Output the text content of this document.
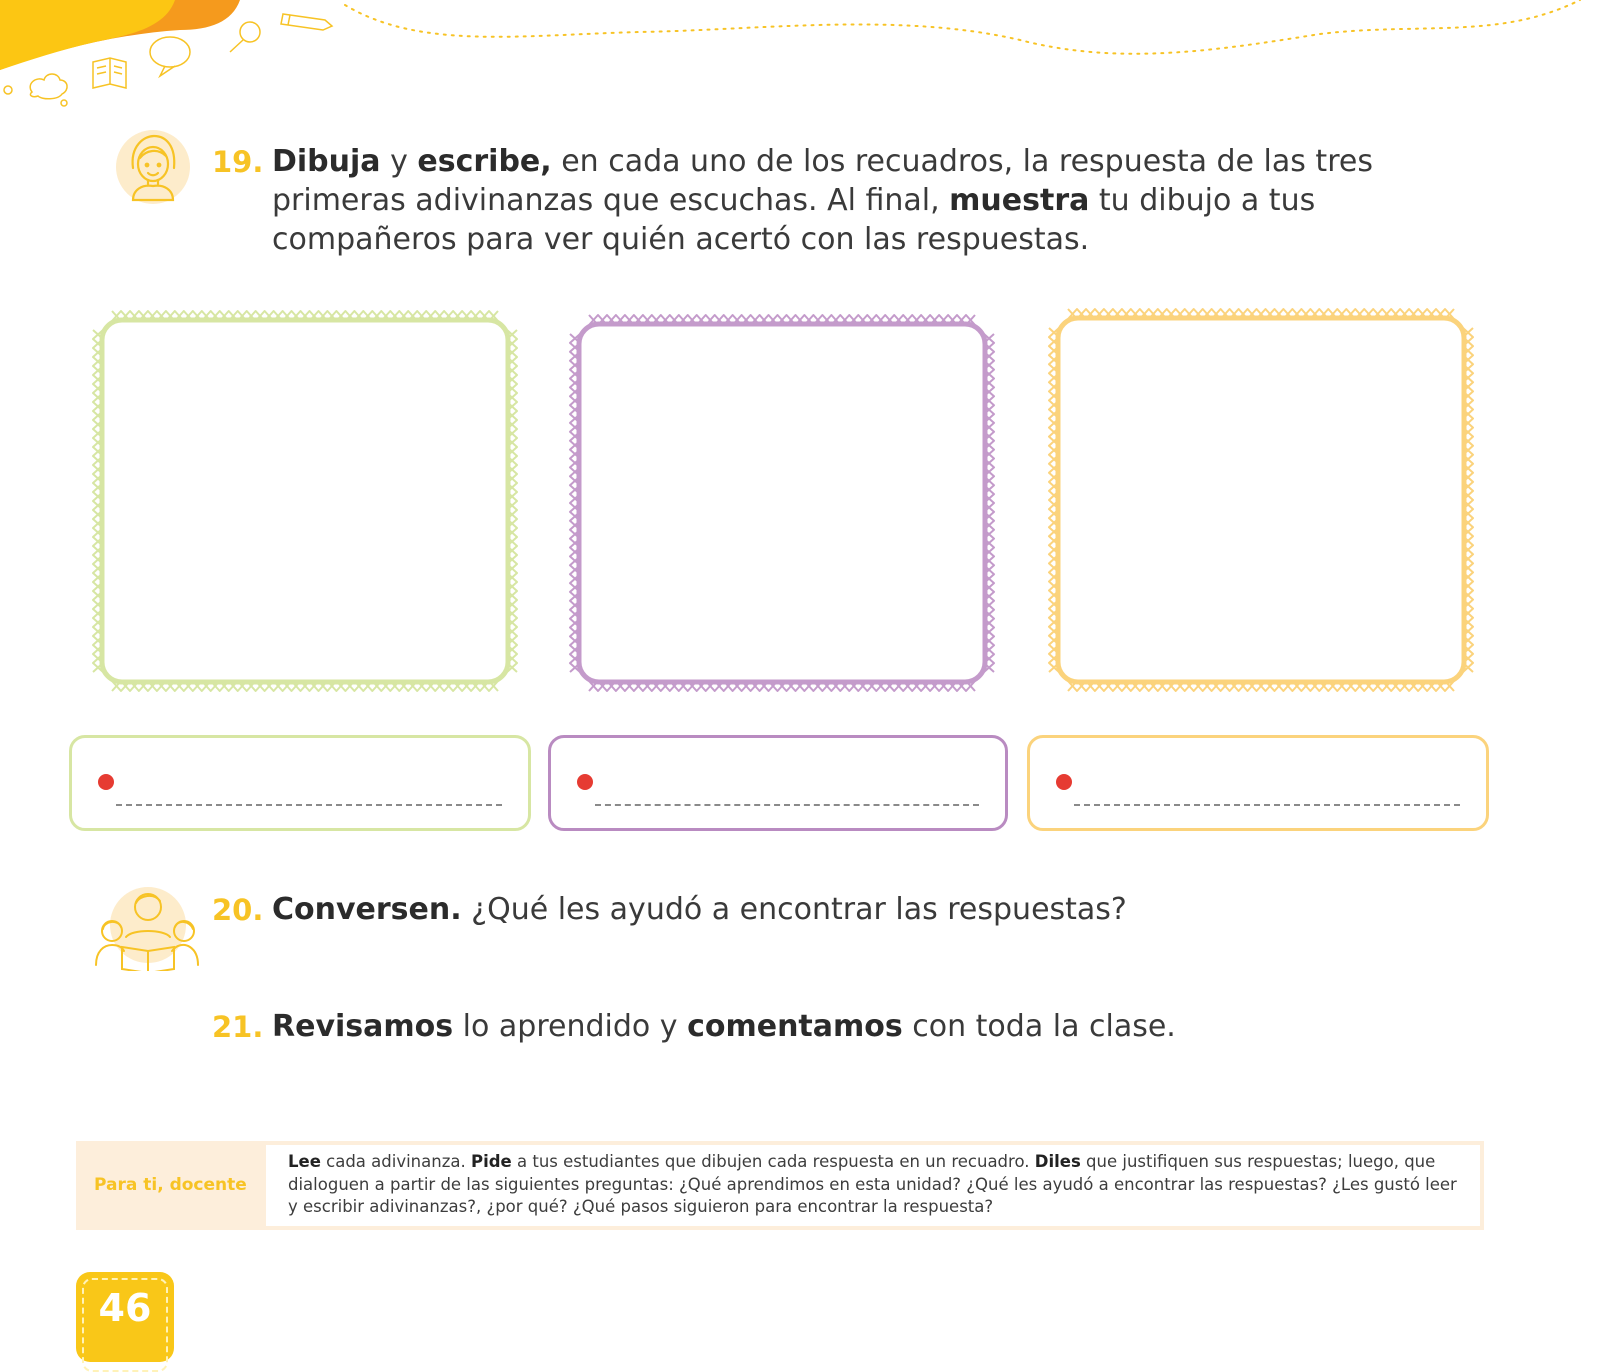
19. Dibuja y escribe, en cada uno de los recuadros, la respuesta de las tres primeras adivinanzas que escuchas. Al final, muestra tu dibujo a tus compañeros para ver quién acertó con las respuestas.
20. Conversen. ¿Qué les ayudó a encontrar las respuestas?
21. Revisamos lo aprendido y comentamos con toda la clase.
Para ti, docente
Lee cada adivinanza. Pide a tus estudiantes que dibujen cada respuesta en un recuadro. Diles que justifiquen sus respuestas; luego, que dialoguen a partir de las siguientes preguntas: ¿Qué aprendimos en esta unidad? ¿Qué les ayudó a encontrar las respuestas? ¿Les gustó leer y escribir adivinanzas?, ¿por qué? ¿Qué pasos siguieron para encontrar la respuesta?
46
